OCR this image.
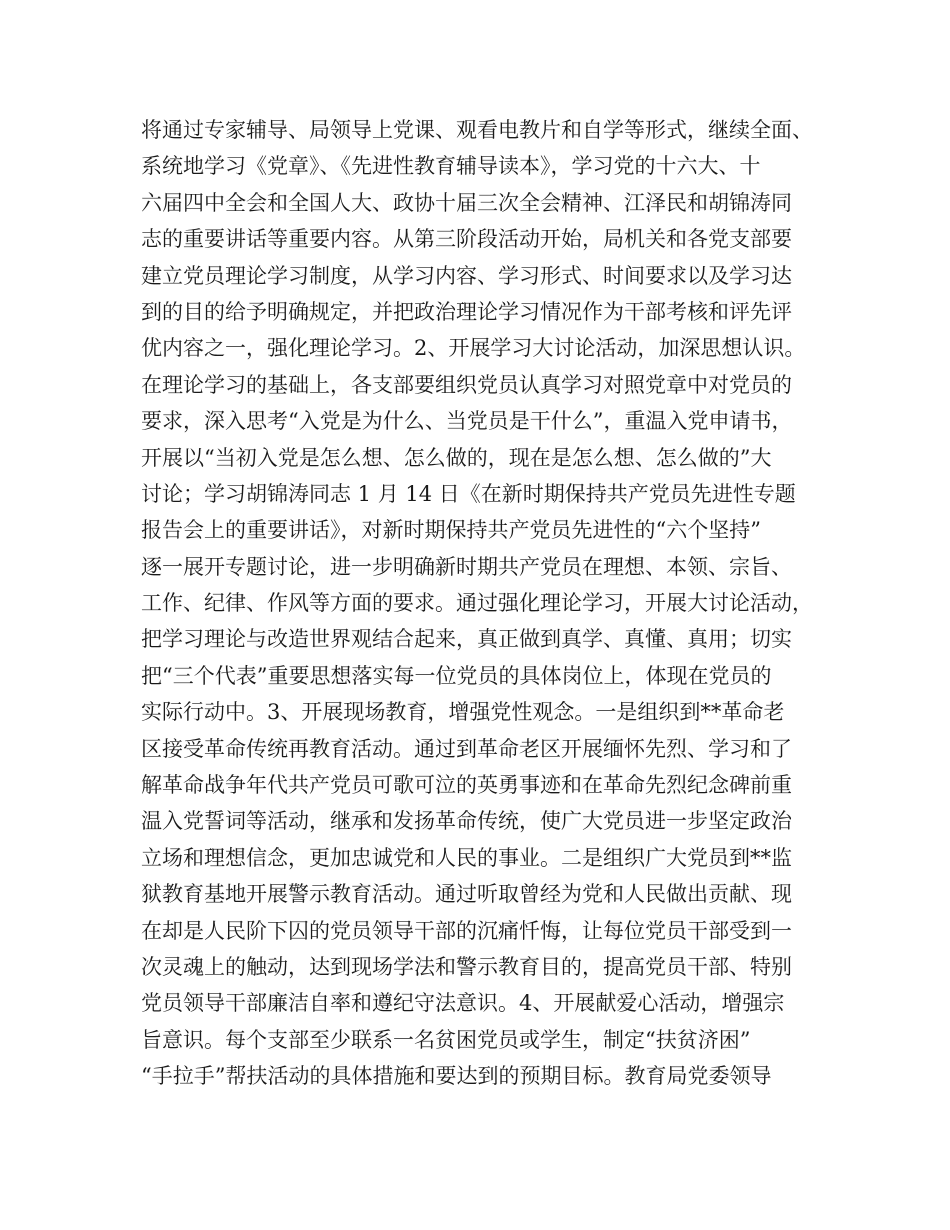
将通过专家辅导、局领导上党课、观看电教片和自学等形式，继续全面、
系统地学习《党章》、《先进性教育辅导读本》，学习党的十六大、十
六届四中全会和全国人大、政协十届三次全会精神、江泽民和胡锦涛同
志的重要讲话等重要内容。从第三阶段活动开始，局机关和各党支部要
建立党员理论学习制度，从学习内容、学习形式、时间要求以及学习达
到的目的给予明确规定，并把政治理论学习情况作为干部考核和评先评
优内容之一，强化理论学习。2、开展学习大讨论活动，加深思想认识。
在理论学习的基础上，各支部要组织党员认真学习对照党章中对党员的
要求，深入思考“入党是为什么、当党员是干什么”，重温入党申请书，
开展以“当初入党是怎么想、怎么做的，现在是怎么想、怎么做的”大
讨论；学习胡锦涛同志 1 月 14 日《在新时期保持共产党员先进性专题
报告会上的重要讲话》，对新时期保持共产党员先进性的“六个坚持”
逐一展开专题讨论，进一步明确新时期共产党员在理想、本领、宗旨、
工作、纪律、作风等方面的要求。通过强化理论学习，开展大讨论活动，
把学习理论与改造世界观结合起来，真正做到真学、真懂、真用；切实
把“三个代表”重要思想落实每一位党员的具体岗位上，体现在党员的
实际行动中。3、开展现场教育，增强党性观念。一是组织到**革命老
区接受革命传统再教育活动。通过到革命老区开展缅怀先烈、学习和了
解革命战争年代共产党员可歌可泣的英勇事迹和在革命先烈纪念碑前重
温入党誓词等活动，继承和发扬革命传统，使广大党员进一步坚定政治
立场和理想信念，更加忠诚党和人民的事业。二是组织广大党员到**监
狱教育基地开展警示教育活动。通过听取曾经为党和人民做出贡献、现
在却是人民阶下囚的党员领导干部的沉痛忏悔，让每位党员干部受到一
次灵魂上的触动，达到现场学法和警示教育目的，提高党员干部、特别
党员领导干部廉洁自率和遵纪守法意识。4、开展献爱心活动，增强宗
旨意识。每个支部至少联系一名贫困党员或学生，制定“扶贫济困”
“手拉手”帮扶活动的具体措施和要达到的预期目标。教育局党委领导
